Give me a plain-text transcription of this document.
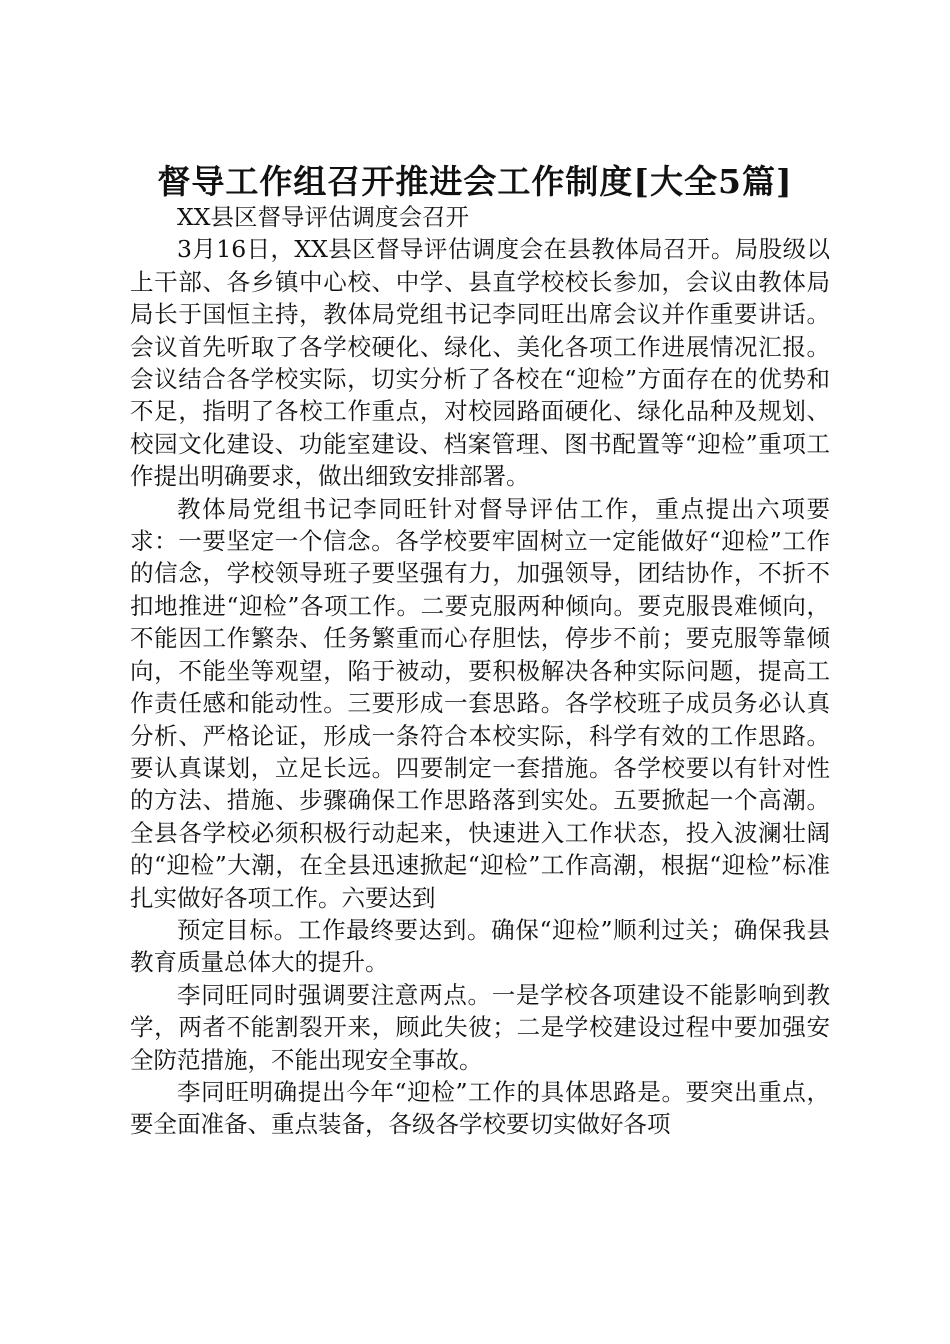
督导工作组召开推进会工作制度[大全5篇]

XX县区督导评估调度会召开

3月16日，XX县区督导评估调度会在县教体局召开。局股级以上干部、各乡镇中心校、中学、县直学校校长参加，会议由教体局局长于国恒主持，教体局党组书记李同旺出席会议并作重要讲话。会议首先听取了各学校硬化、绿化、美化各项工作进展情况汇报。会议结合各学校实际，切实分析了各校在“迎检”方面存在的优势和不足，指明了各校工作重点，对校园路面硬化、绿化品种及规划、校园文化建设、功能室建设、档案管理、图书配置等“迎检”重项工作提出明确要求，做出细致安排部署。

教体局党组书记李同旺针对督导评估工作，重点提出六项要求：一要坚定一个信念。各学校要牢固树立一定能做好“迎检”工作的信念，学校领导班子要坚强有力，加强领导，团结协作，不折不扣地推进“迎检”各项工作。二要克服两种倾向。要克服畏难倾向，不能因工作繁杂、任务繁重而心存胆怯，停步不前；要克服等靠倾向，不能坐等观望，陷于被动，要积极解决各种实际问题，提高工作责任感和能动性。三要形成一套思路。各学校班子成员务必认真分析、严格论证，形成一条符合本校实际，科学有效的工作思路。要认真谋划，立足长远。四要制定一套措施。各学校要以有针对性的方法、措施、步骤确保工作思路落到实处。五要掀起一个高潮。全县各学校必须积极行动起来，快速进入工作状态，投入波澜壮阔的“迎检”大潮，在全县迅速掀起“迎检”工作高潮，根据“迎检”标准扎实做好各项工作。六要达到

预定目标。工作最终要达到。确保“迎检”顺利过关；确保我县教育质量总体大的提升。

李同旺同时强调要注意两点。一是学校各项建设不能影响到教学，两者不能割裂开来，顾此失彼；二是学校建设过程中要加强安全防范措施，不能出现安全事故。

李同旺明确提出今年“迎检”工作的具体思路是。要突出重点，要全面准备、重点装备，各级各学校要切实做好各项
